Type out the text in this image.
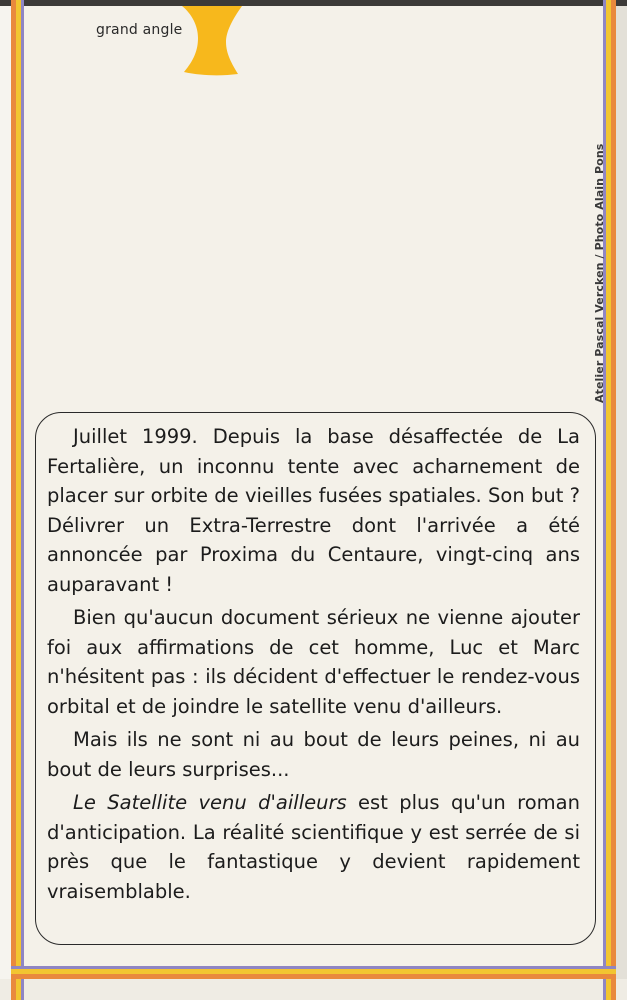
grand angle
Atelier Pascal Vercken / Photo Alain Pons

Juillet 1999. Depuis la base désaffectée de La Fertalière, un inconnu tente avec acharnement de placer sur orbite de vieilles fusées spatiales. Son but ? Délivrer un Extra-Terrestre dont l'arrivée a été annoncée par Proxima du Centaure, vingt-cinq ans auparavant !

Bien qu'aucun document sérieux ne vienne ajouter foi aux affirmations de cet homme, Luc et Marc n'hésitent pas : ils décident d'effectuer le rendez-vous orbital et de joindre le satellite venu d'ailleurs.

Mais ils ne sont ni au bout de leurs peines, ni au bout de leurs surprises...

Le Satellite venu d'ailleurs est plus qu'un roman d'anticipation. La réalité scientifique y est serrée de si près que le fantastique y devient rapidement vraisemblable.
